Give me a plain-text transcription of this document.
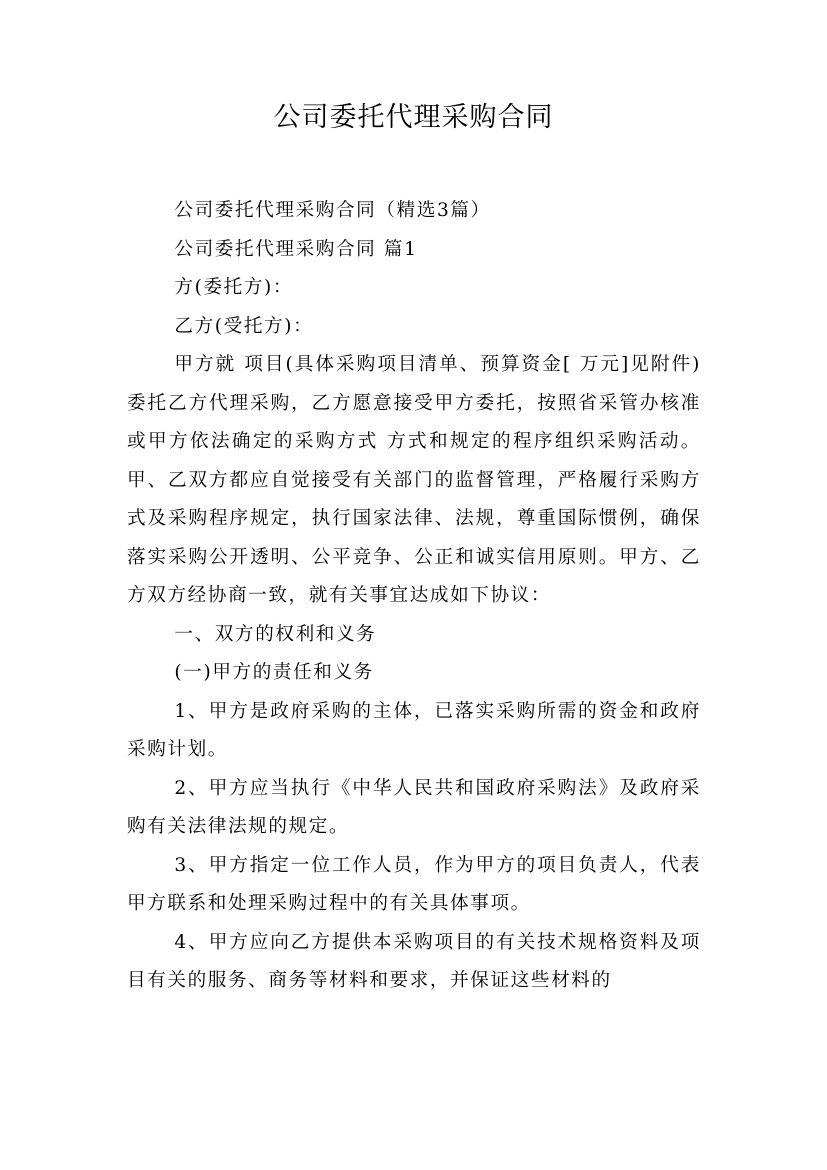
公司委托代理采购合同

公司委托代理采购合同（精选3篇）

公司委托代理采购合同 篇1

方(委托方)：

乙方(受托方)：

甲方就 项目(具体采购项目清单、预算资金[ 万元]见附件)委托乙方代理采购，乙方愿意接受甲方委托，按照省采管办核准或甲方依法确定的采购方式 方式和规定的程序组织采购活动。甲、乙双方都应自觉接受有关部门的监督管理，严格履行采购方式及采购程序规定，执行国家法律、法规，尊重国际惯例，确保落实采购公开透明、公平竞争、公正和诚实信用原则。甲方、乙方双方经协商一致，就有关事宜达成如下协议：

一、双方的权利和义务

(一)甲方的责任和义务

1、甲方是政府采购的主体，已落实采购所需的资金和政府采购计划。

2、甲方应当执行《中华人民共和国政府采购法》及政府采购有关法律法规的规定。

3、甲方指定一位工作人员，作为甲方的项目负责人，代表甲方联系和处理采购过程中的有关具体事项。

4、甲方应向乙方提供本采购项目的有关技术规格资料及项目有关的服务、商务等材料和要求，并保证这些材料的
